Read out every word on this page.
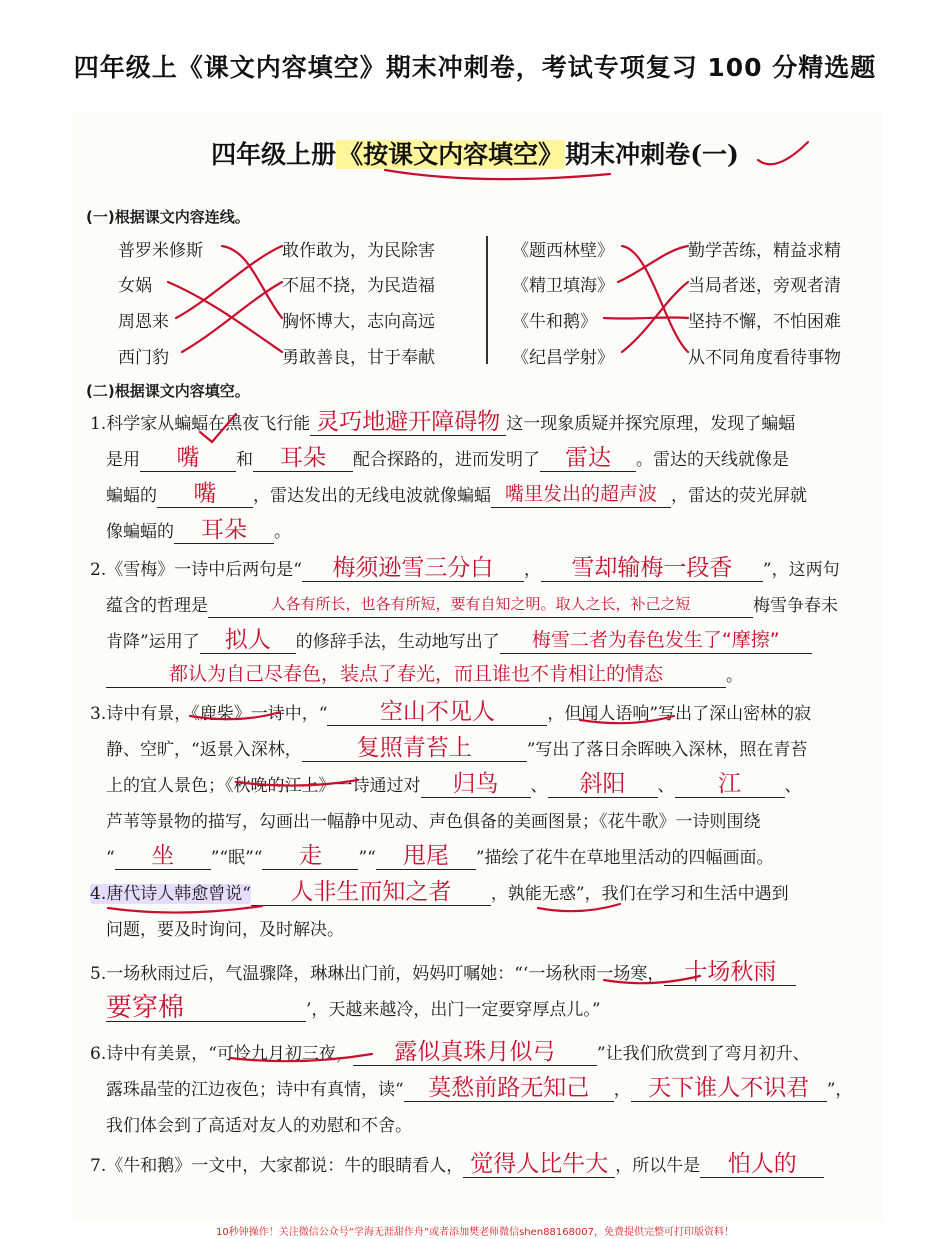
四年级上《课文内容填空》期末冲刺卷，考试专项复习 100 分精选题
四年级上册《按课文内容填空》期末冲刺卷(一)
(一)根据课文内容连线。
普罗米修斯
女娲
周恩来
西门豹
敢作敢为，为民除害
不屈不挠，为民造福
胸怀博大，志向高远
勇敢善良，甘于奉献
《题西林壁》
《精卫填海》
《牛和鹅》
《纪昌学射》
勤学苦练，精益求精
当局者迷，旁观者清
坚持不懈，不怕困难
从不同角度看待事物
(二)根据课文内容填空。
1.科学家从蝙蝠在黑夜飞行能 灵巧地避开障碍物 这一现象质疑并探究原理，发现了蝙蝠
是用	嘴	和	耳朵	配合探路的，进而发明了	雷达	。雷达的天线就像是
蝙蝠的	嘴	，雷达发出的无线电波就像蝙蝠 嘴里发出的超声波 ，雷达的荧光屏就
像蝙蝠的	耳朵	。
2.《雪梅》一诗中后两句是“	梅须逊雪三分白	，	雪却输梅一段香	”，这两句
蕴含的哲理是	人各有所长，也各有所短，要有自知之明。取人之长，补己之短	梅雪争春未
肯降”运用了	拟人	的修辞手法，生动地写出了	梅雪二者为春色发生了“摩擦”
都认为自己尽春色，装点了春光，而且谁也不肯相让的情态	。
3.诗中有景，《鹿柴》一诗中，“	空山不见人	，但闻人语响”写出了深山密林的寂
静、空旷，“返景入深林，	复照青苔上	”写出了落日余晖映入深林，照在青苔
上的宜人景色；《秋晚的江上》一诗通过对	归鸟	、	斜阳	、	江	、
芦苇等景物的描写，勾画出一幅静中见动、声色俱备的美画图景；《花牛歌》一诗则围绕
“	坐	”“眠”“	走	”“	甩尾	”描绘了花牛在草地里活动的四幅画面。
4.唐代诗人韩愈曾说“	人非生而知之者	，孰能无惑”，我们在学习和生活中遇到
问题，要及时询问，及时解决。
5.一场秋雨过后，气温骤降，琳琳出门前，妈妈叮嘱她：“‘一场秋雨一场寒， 十场秋雨
要穿棉	’，天越来越冷，出门一定要穿厚点儿。”
6.诗中有美景，“可怜九月初三夜，	露似真珠月似弓	”让我们欣赏到了弯月初升、
露珠晶莹的江边夜色；诗中有真情，读“	莫愁前路无知己	， 天下谁人不识君	”，
我们体会到了高适对友人的劝慰和不舍。
7.《牛和鹅》一文中，大家都说：牛的眼睛看人， 觉得人比牛大 ，所以牛是	怕人的
10秒钟操作！关注微信公众号“学海无涯甜作舟”或者添加樊老师微信shen88168007，免费提供完整可打印版资料！
